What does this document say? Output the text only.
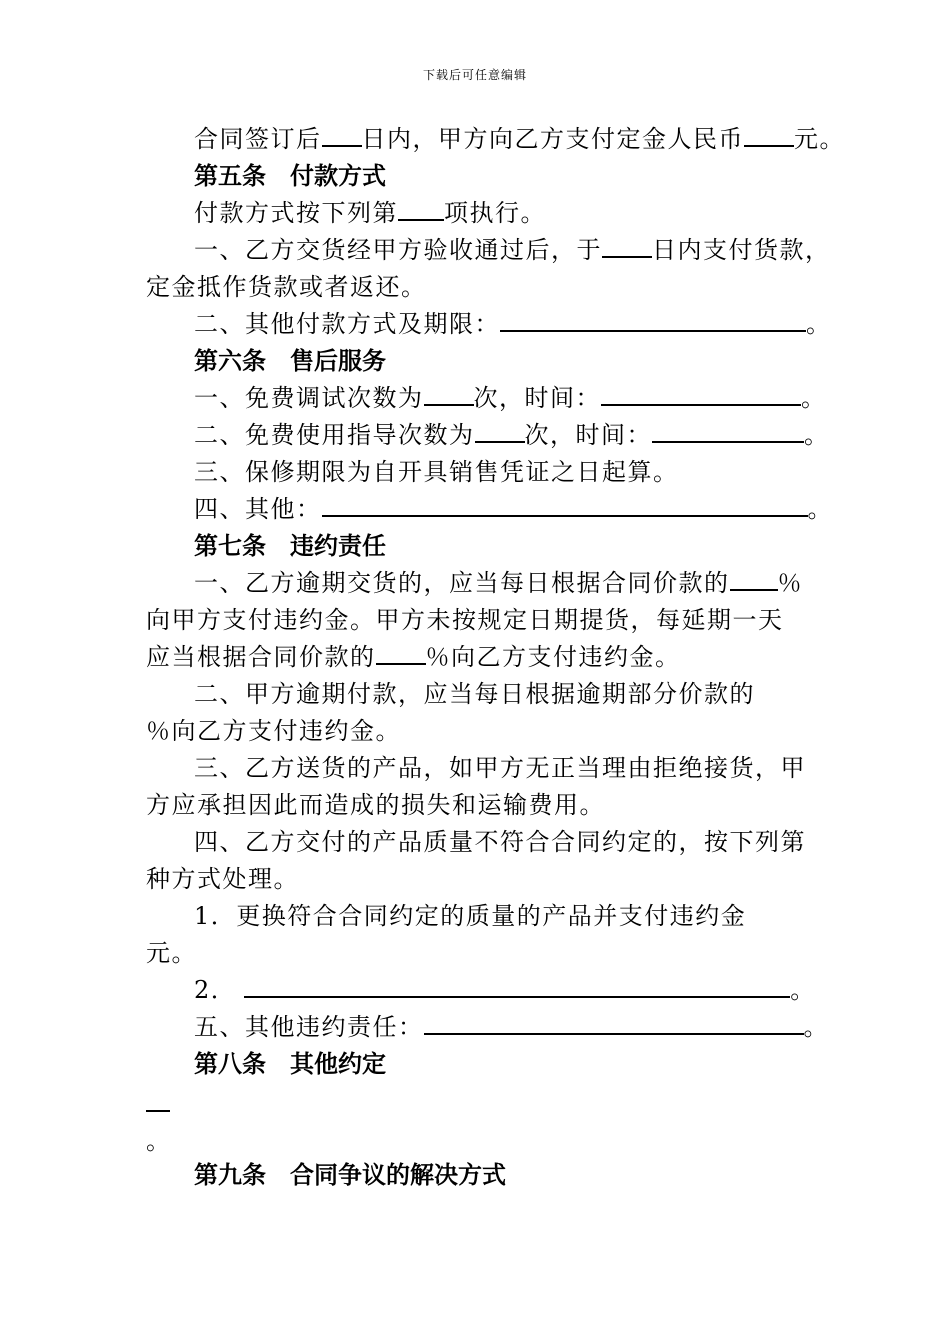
下载后可任意编辑
合同签订后 日内，甲方向乙方支付定金人民币 元。
第五条　付款方式
付款方式按下列第 项执行。
一、乙方交货经甲方验收通过后，于 日内支付货款，
定金抵作货款或者返还。
二、其他付款方式及期限：	。
第六条　售后服务
一、免费调试次数为 次，时间：	。
二、免费使用指导次数为 次，时间：	。
三、保修期限为自开具销售凭证之日起算。
四、其他：	。
第七条　违约责任
一、乙方逾期交货的，应当每日根据合同价款的 ％
向甲方支付违约金。甲方未按规定日期提货，每延期一天
应当根据合同价款的 ％向乙方支付违约金。
二、甲方逾期付款，应当每日根据逾期部分价款的
％向乙方支付违约金。
三、乙方送货的产品，如甲方无正当理由拒绝接货，甲
方应承担因此而造成的损失和运输费用。
四、乙方交付的产品质量不符合合同约定的，按下列第
种方式处理。
1．更换符合合同约定的质量的产品并支付违约金
元。
2．	。
五、其他违约责任：	。
第八条　其他约定
。
第九条　合同争议的解决方式
